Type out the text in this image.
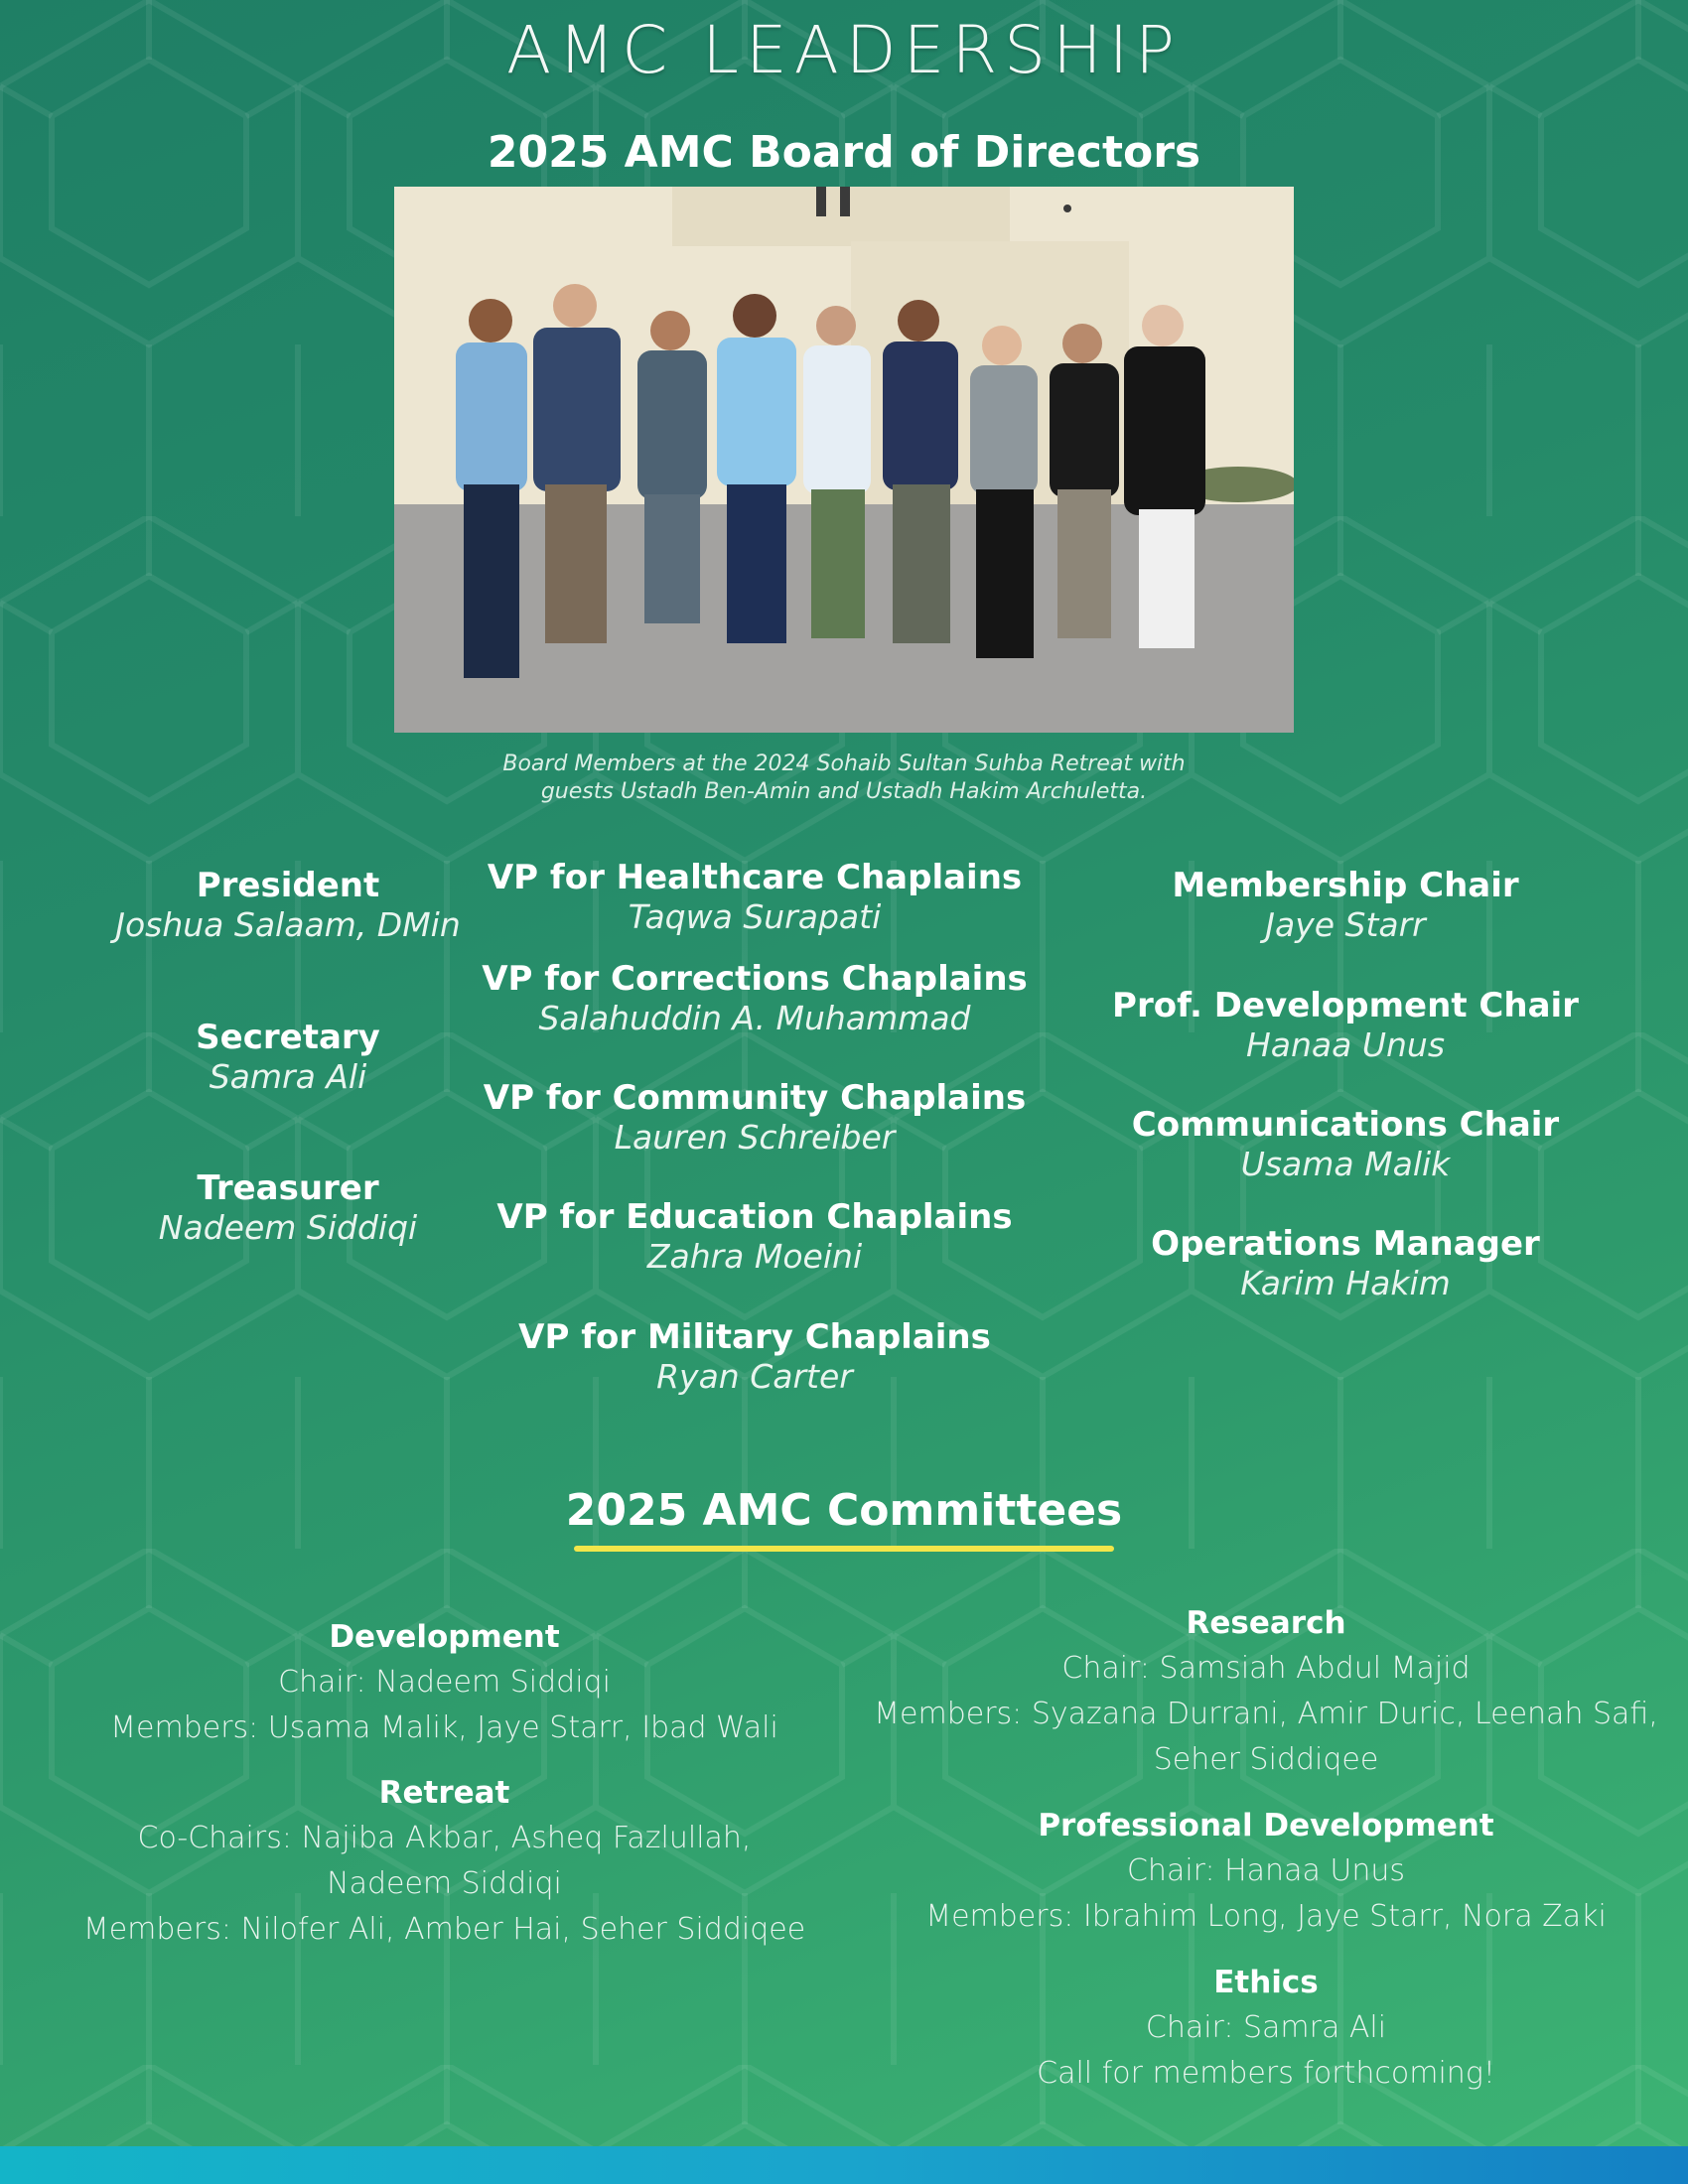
AMC LEADERSHIP
2025 AMC Board of Directors
Board Members at the 2024 Sohaib Sultan Suhba Retreat with
guests Ustadh Ben-Amin and Ustadh Hakim Archuletta.
President
Joshua Salaam, DMin
Secretary
Samra Ali
Treasurer
Nadeem Siddiqi
VP for Healthcare Chaplains
Taqwa Surapati
VP for Corrections Chaplains
Salahuddin A. Muhammad
VP for Community Chaplains
Lauren Schreiber
VP for Education Chaplains
Zahra Moeini
VP for Military Chaplains
Ryan Carter
Membership Chair
Jaye Starr
Prof. Development Chair
Hanaa Unus
Communications Chair
Usama Malik
Operations Manager
Karim Hakim
2025 AMC Committees
Development
Chair: Nadeem Siddiqi
Members: Usama Malik, Jaye Starr, Ibad Wali
Retreat
Co-Chairs: Najiba Akbar, Asheq Fazlullah,
Nadeem Siddiqi
Members: Nilofer Ali, Amber Hai, Seher Siddiqee
Research
Chair: Samsiah Abdul Majid
Members: Syazana Durrani, Amir Duric, Leenah Safi,
Seher Siddiqee
Professional Development
Chair: Hanaa Unus
Members: Ibrahim Long, Jaye Starr, Nora Zaki
Ethics
Chair: Samra Ali
Call for members forthcoming!
